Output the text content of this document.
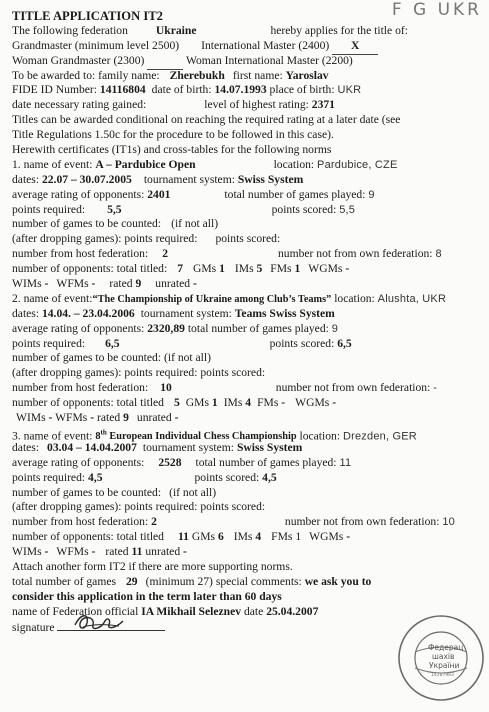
F G UKR
TITLE APPLICATION IT2
The following federation Ukraine	hereby applies for the title of:
Grandmaster (minimum level 2500) International Master (2400) X
Woman Grandmaster (2300)	Woman International Master (2200)
To be awarded to: family name: Zherebukh first name: Yaroslav
FIDE ID Number: 14116804 date of birth: 14.07.1993 place of birth: UKR
date necessary rating gained:	level of highest rating: 2371
Titles can be awarded conditional on reaching the required rating at a later date (see
Title Regulations 1.50c for the procedure to be followed in this case).
Herewith certificates (IT1s) and cross-tables for the following norms
1. name of event: A – Pardubice Open	location: Pardubice, CZE
dates: 22.07 – 30.07.2005 tournament system: Swiss System
average rating of opponents: 2401	total number of games played: 9
points required: 5,5	points scored: 5,5
number of games to be counted: (if not all)
(after dropping games): points required: points scored:
number from host federation: 2	number not from own federation: 8
number of opponents: total titled: 7 GMs 1 IMs 5 FMs 1 WGMs -
WIMs - WFMs - rated 9 unrated -
2. name of event:“The Championship of Ukraine among Club’s Teams” location: Alushta, UKR
dates: 14.04. – 23.04.2006 tournament system: Teams Swiss System
average rating of opponents: 2320,89 total number of games played: 9
points required: 6,5	points scored: 6,5
number of games to be counted: (if not all)
(after dropping games): points required: points scored:
number from host federation: 10	number not from own federation: -
number of opponents: total titled 5 GMs 1 IMs 4 FMs - WGMs -
WIMs - WFMs - rated 9 unrated -
3. name of event: 8th European Individual Chess Championship location: Drezden, GER
dates: 03.04 – 14.04.2007 tournament system: Swiss System
average rating of opponents: 2528 total number of games played: 11
points required: 4,5	points scored: 4,5
number of games to be counted: (if not all)
(after dropping games): points required: points scored:
number from host federation: 2	number not from own federation: 10
number of opponents: total titled 11 GMs 6 IMs 4 FMs 1 WGMs -
WIMs - WFMs - rated 11 unrated -
Attach another form IT2 if there are more supporting norms.
total number of games 29 (minimum 27) special comments: we ask you to
consider this application in the term later than 60 days
name of Federation official IA Mikhail Seleznev date 25.04.2007
signature
Федерац
шахів
України
14287983
